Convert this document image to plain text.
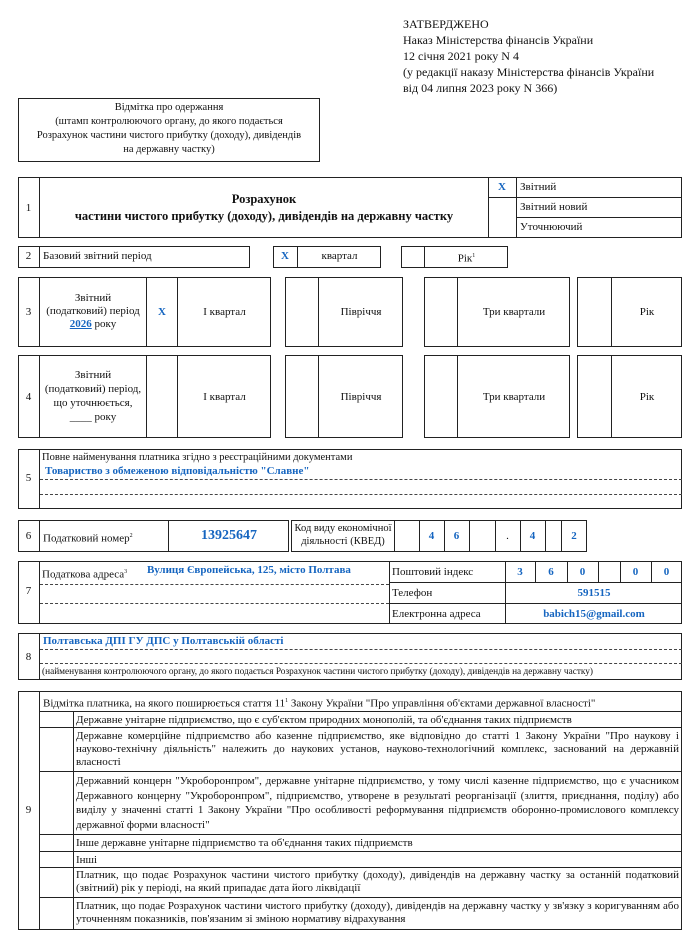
ЗАТВЕРДЖЕНО
Наказ Міністерства фінансів України
12 січня 2021 року N 4
(у редакції наказу Міністерства фінансів України
від 04 липня 2023 року N 366)
Відмітка про одержання
(штамп контролюючого органу, до якого подається
Розрахунок частини чистого прибутку (доходу), дивідендів
на державну частку)
1
Розрахунок
частини чистого прибутку (доходу), дивідендів на державну частку
X	Звітний
Звітний новий
Уточнюючий
2	Базовий звітний період	X	квартал	Рік$^1$
3
Звітний
(податковий) період
2026 року
X	І квартал	Півріччя	Три квартали	Рік
4
Звітний
(податковий) період,
що уточнюється,
____ року
І квартал	Півріччя	Три квартали	Рік
5
Повне найменування платника згідно з реєстраційними документами
Товариство з обмеженою відповідальністю "Славне"
6	Податковий номер$^2$	13925647	Код виду економічної
діяльності (КВЕД)	4	6	.	4	2
7
Податкова адреса$^3$ Вулиця Європейська, 125, місто Полтава	Поштовий індекс	3	6	0	0	0
Телефон	591515
Електронна адреса	babich15@gmail.com
8
Полтавська ДПІ ГУ ДПС у Полтавській області
(найменування контролюючого органу, до якого подається Розрахунок частини чистого прибутку (доходу), дивідендів на державну частку)
9
Відмітка платника, на якого поширюється стаття $11^1$ Закону України "Про управління об'єктами державної власності"
Державне унітарне підприємство, що є суб'єктом природних монополій, та об'єднання таких підприємств
Державне комерційне підприємство або казенне підприємство, яке відповідно до статті 1 Закону України "Про наукову і науково-технічну діяльність" належить до наукових установ, науково-технологічний комплекс, заснований на державній власності
Державний концерн "Укроборонпром", державне унітарне підприємство, у тому числі казенне підприємство, що є учасником Державного концерну "Укроборонпром", підприємство, утворене в результаті реорганізації (злиття, приєднання, поділу) або виділу у значенні статті 1 Закону України "Про особливості реформування підприємств оборонно-промислового комплексу державної форми власності"
Інше державне унітарне підприємство та об'єднання таких підприємств
Інші
Платник, що подає Розрахунок частини чистого прибутку (доходу), дивідендів на державну частку за останній податковий (звітний) рік у періоді, на який припадає дата його ліквідації
Платник, що подає Розрахунок частини чистого прибутку (доходу), дивідендів на державну частку у зв'язку з коригуванням або уточненням показників, пов'язаним зі зміною нормативу відрахування
